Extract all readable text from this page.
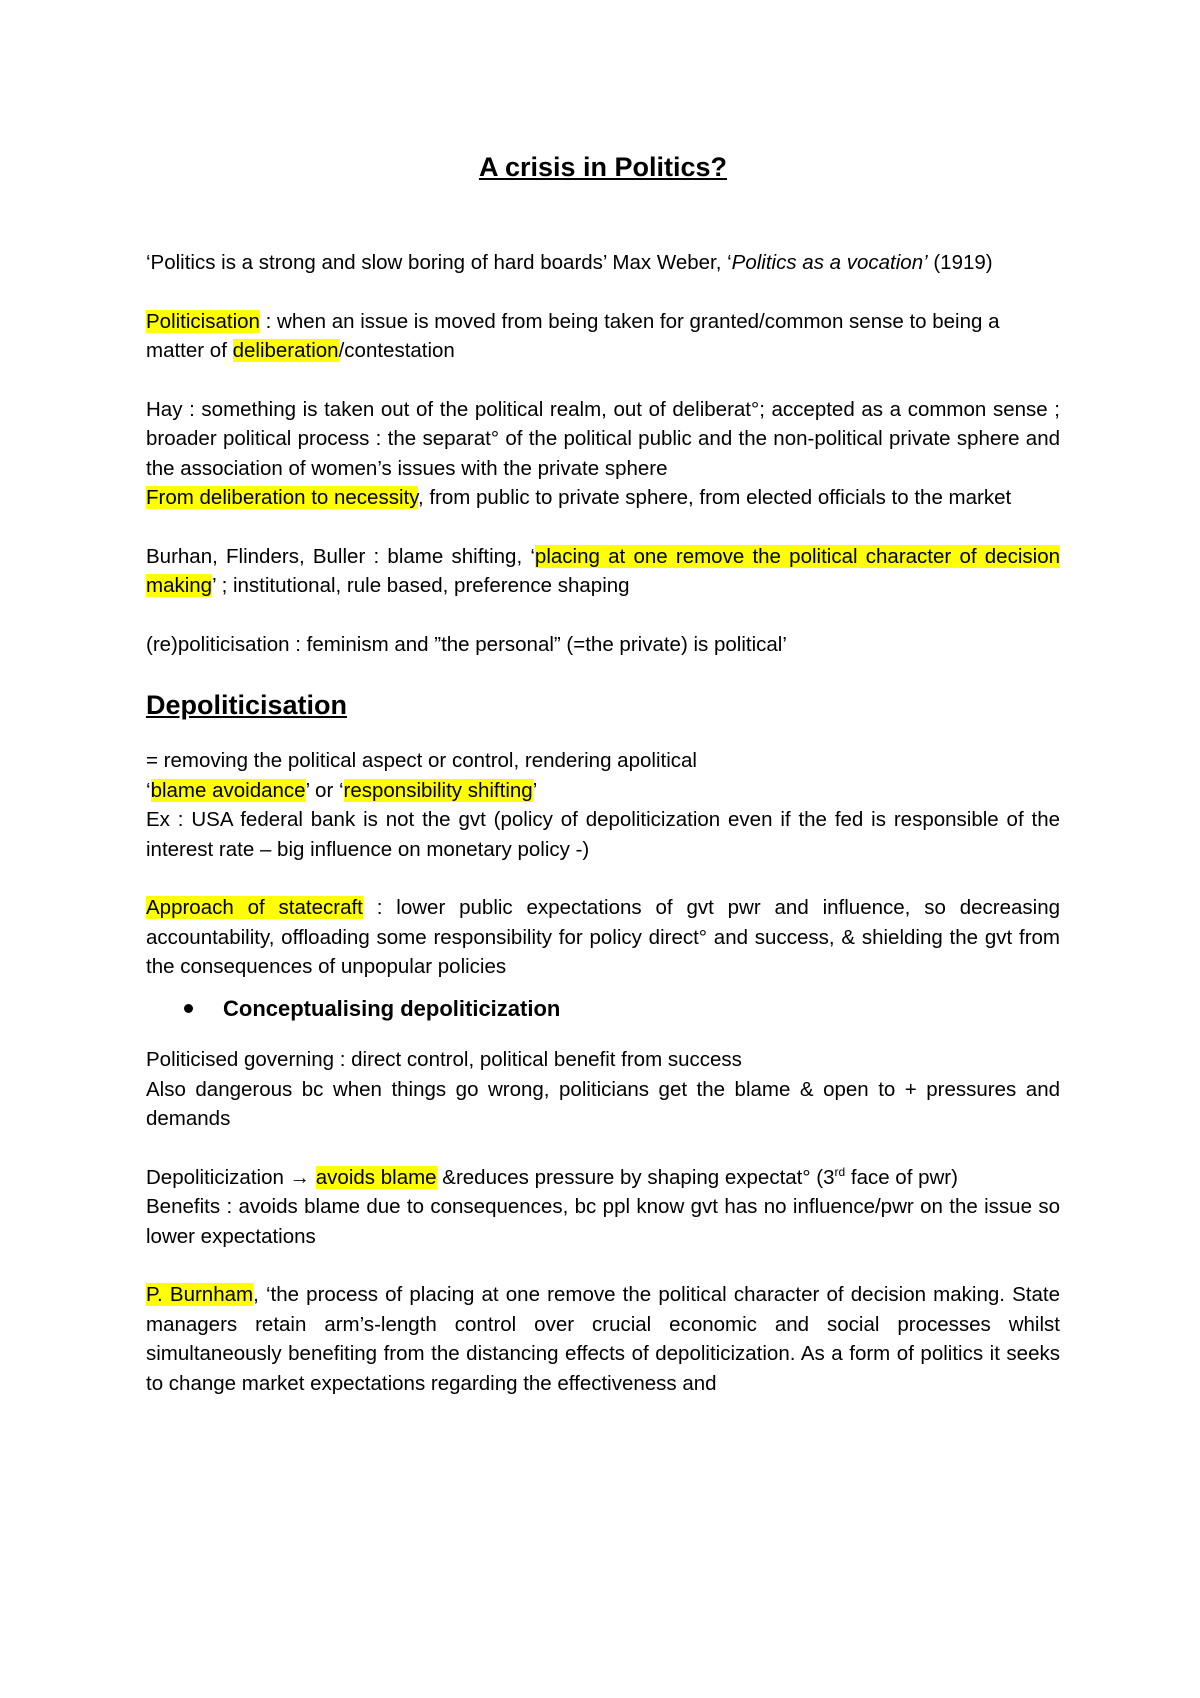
A crisis in Politics?

‘Politics is a strong and slow boring of hard boards’ Max Weber, ‘Politics as a vocation’ (1919)

Politicisation : when an issue is moved from being taken for granted/common sense to being a matter of deliberation/contestation

Hay : something is taken out of the political realm, out of deliberat°; accepted as a common sense ; broader political process : the separat° of the political public and the non-political private sphere and the association of women’s issues with the private sphere

From deliberation to necessity, from public to private sphere, from elected officials to the market

Burhan, Flinders, Buller : blame shifting, ‘placing at one remove the political character of decision making’ ; institutional, rule based, preference shaping

(re)politicisation : feminism and ”the personal” (=the private) is political’

Depoliticisation

= removing the political aspect or control, rendering apolitical

‘blame avoidance’ or ‘responsibility shifting’

Ex : USA federal bank is not the gvt (policy of depoliticization even if the fed is responsible of the interest rate – big influence on monetary policy -)

Approach of statecraft : lower public expectations of gvt pwr and influence, so decreasing accountability, offloading some responsibility for policy direct° and success, & shielding the gvt from the consequences of unpopular policies

Conceptualising depoliticization

Politicised governing : direct control, political benefit from success

Also dangerous bc when things go wrong, politicians get the blame & open to + pressures and demands

Depoliticization → avoids blame &reduces pressure by shaping expectat° (3rd face of pwr)

Benefits : avoids blame due to consequences, bc ppl know gvt has no influence/pwr on the issue so lower expectations

P. Burnham, ‘the process of placing at one remove the political character of decision making. State managers retain arm’s-length control over crucial economic and social processes whilst simultaneously benefiting from the distancing effects of depoliticization. As a form of politics it seeks to change market expectations regarding the effectiveness and
